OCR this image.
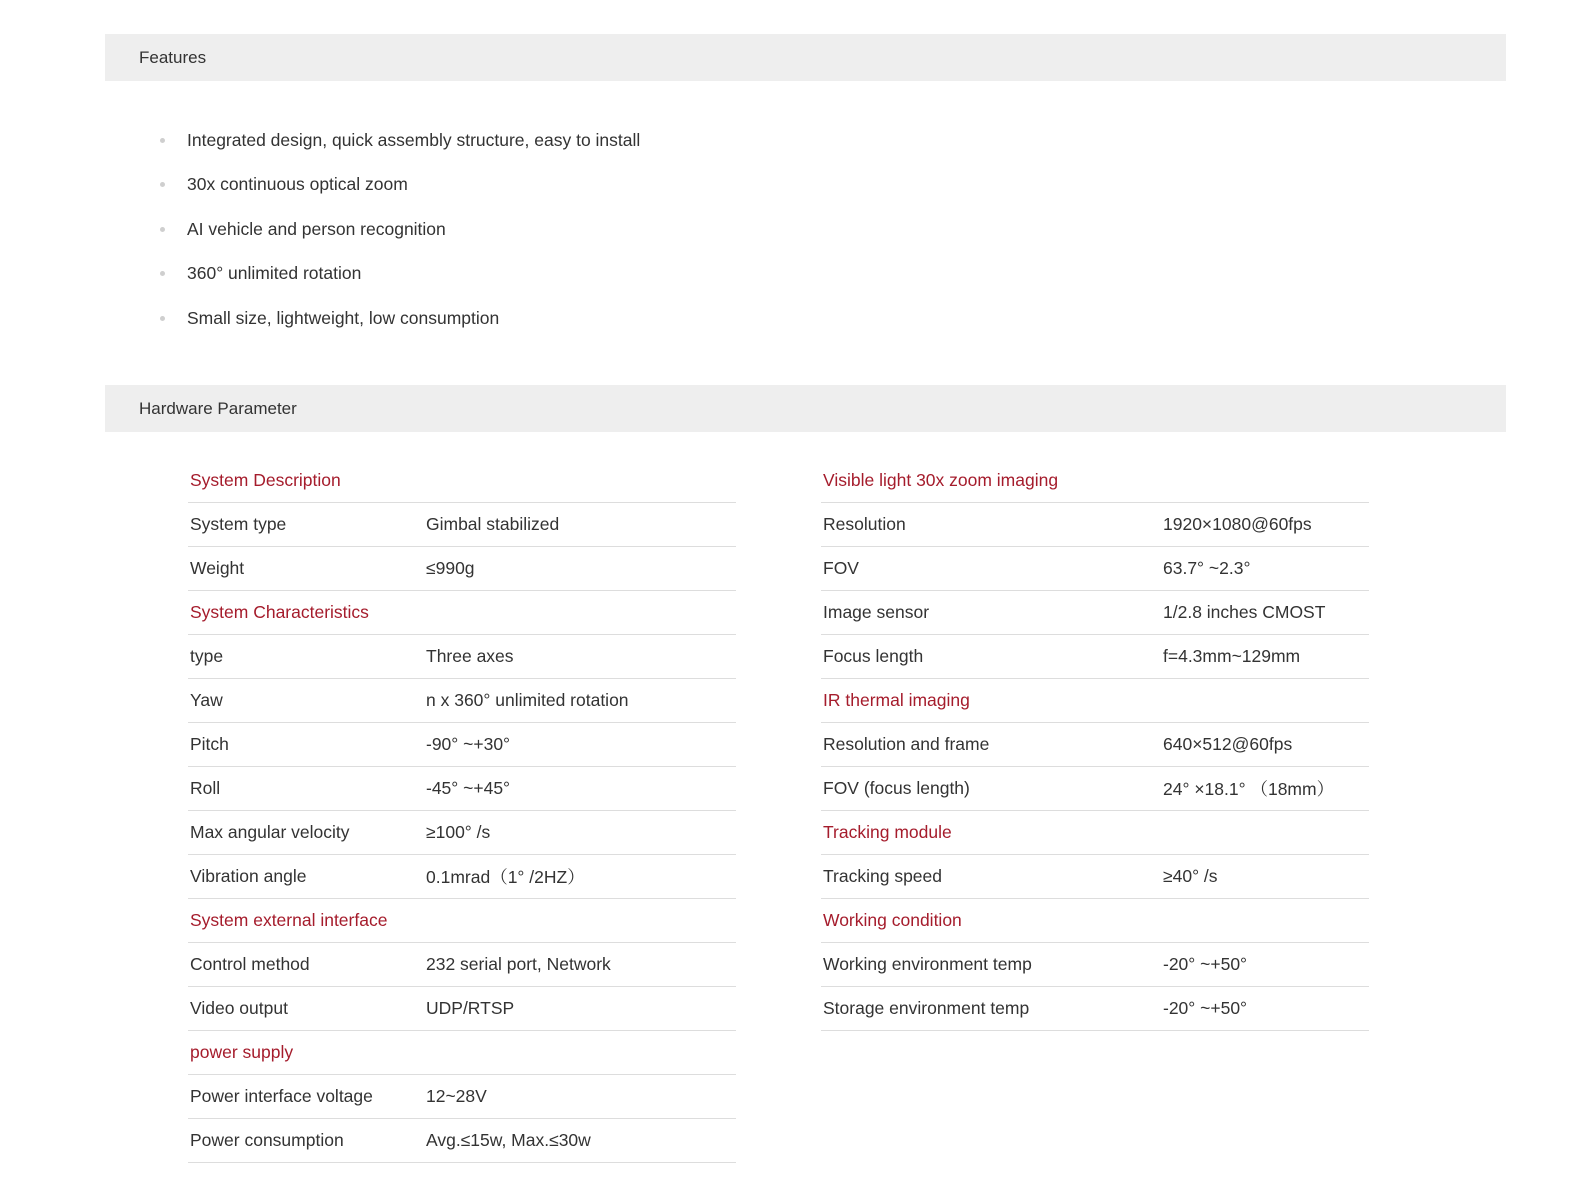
Features
Integrated design, quick assembly structure, easy to install
30x continuous optical zoom
AI vehicle and person recognition
360° unlimited rotation
Small size, lightweight, low consumption
Hardware Parameter
System Description	
System type	Gimbal stabilized
Weight	≤990g
System Characteristics	
type	Three axes
Yaw	n x 360° unlimited rotation
Pitch	-90° ~+30°
Roll	-45° ~+45°
Max angular velocity	≥100° /s
Vibration angle	0.1mrad（1° /2HZ）
System external interface	
Control method	232 serial port, Network
Video output	UDP/RTSP
power supply	
Power interface voltage	12~28V
Power consumption	Avg.≤15w, Max.≤30w
Visible light 30x zoom imaging	
Resolution	1920×1080@60fps
FOV	63.7° ~2.3°
Image sensor	1/2.8 inches CMOST
Focus length	f=4.3mm~129mm
IR thermal imaging	
Resolution and frame	640×512@60fps
FOV (focus length)	24° ×18.1° （18mm）
Tracking module	
Tracking speed	≥40° /s
Working condition	
Working environment temp	-20° ~+50°
Storage environment temp	-20° ~+50°
